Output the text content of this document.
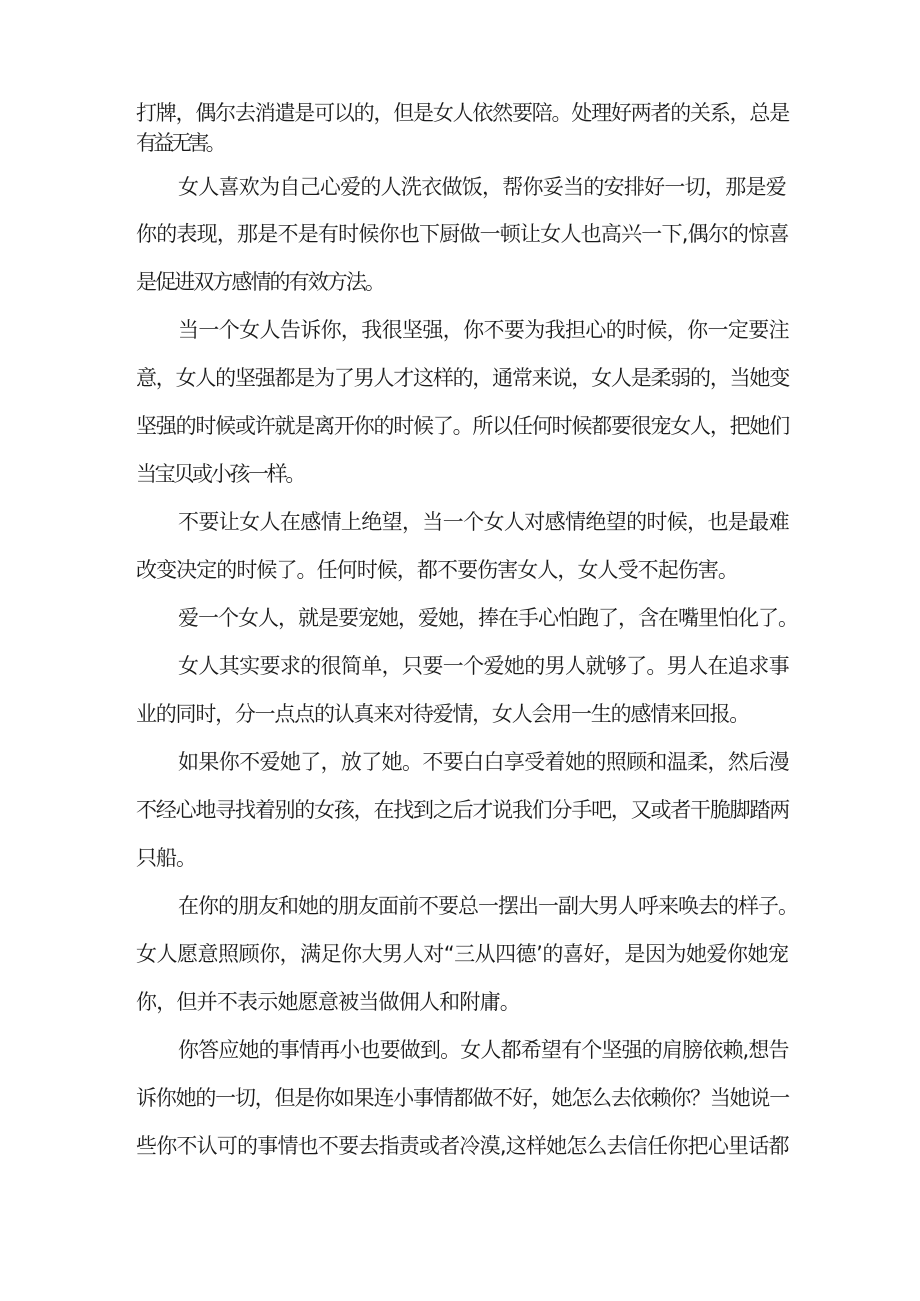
打牌，偶尔去消遣是可以的，但是女人依然要陪。处理好两者的关系，总是

有益无害。

女人喜欢为自己心爱的人洗衣做饭，帮你妥当的安排好一切，那是爱

你的表现，那是不是有时候你也下厨做一顿让女人也高兴一下,偶尔的惊喜

是促进双方感情的有效方法。

当一个女人告诉你，我很坚强，你不要为我担心的时候，你一定要注

意，女人的坚强都是为了男人才这样的，通常来说，女人是柔弱的，当她变

坚强的时候或许就是离开你的时候了。所以任何时候都要很宠女人，把她们

当宝贝或小孩一样。

不要让女人在感情上绝望，当一个女人对感情绝望的时候，也是最难

改变决定的时候了。任何时候，都不要伤害女人，女人受不起伤害。

爱一个女人，就是要宠她，爱她，捧在手心怕跑了，含在嘴里怕化了。

女人其实要求的很简单，只要一个爱她的男人就够了。男人在追求事

业的同时，分一点点的认真来对待爱情，女人会用一生的感情来回报。

如果你不爱她了，放了她。不要白白享受着她的照顾和温柔，然后漫

不经心地寻找着别的女孩，在找到之后才说我们分手吧，又或者干脆脚踏两

只船。

在你的朋友和她的朋友面前不要总一摆出一副大男人呼来唤去的样子。

女人愿意照顾你，满足你大男人对“三从四德’的喜好，是因为她爱你她宠

你，但并不表示她愿意被当做佣人和附庸。

你答应她的事情再小也要做到。女人都希望有个坚强的肩膀依赖,想告

诉你她的一切，但是你如果连小事情都做不好，她怎么去依赖你？当她说一

些你不认可的事情也不要去指责或者冷漠,这样她怎么去信任你把心里话都
